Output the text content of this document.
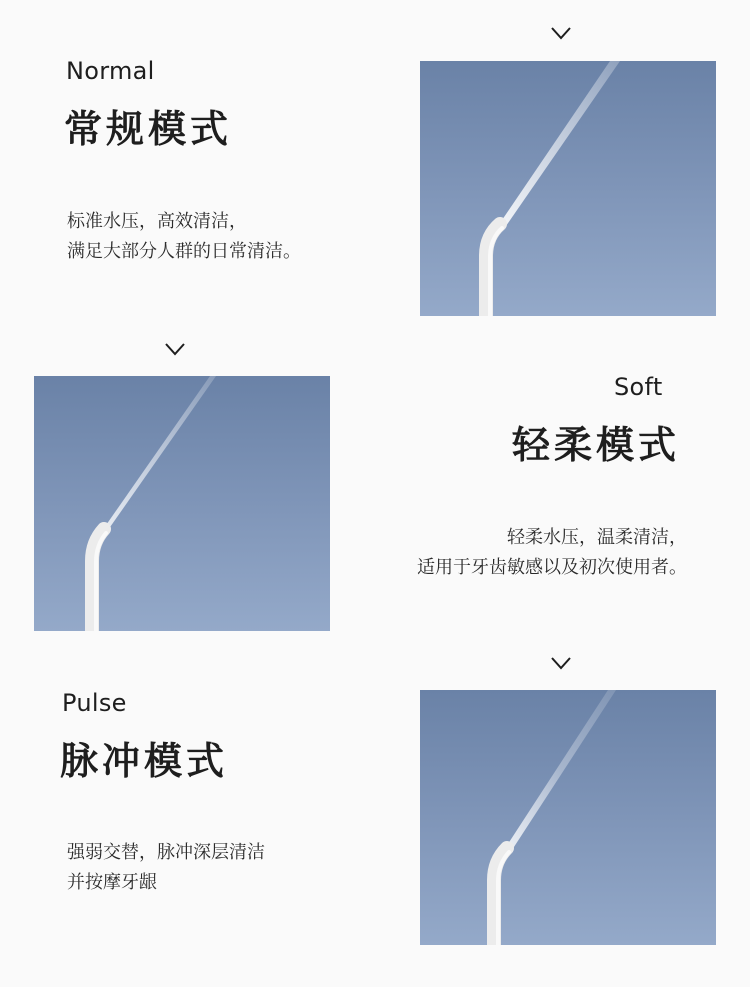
Normal
常规模式
标准水压，高效清洁，
满足大部分人群的日常清洁。
Soft
轻柔模式
轻柔水压，温柔清洁，
适用于牙齿敏感以及初次使用者。
Pulse
脉冲模式
强弱交替，脉冲深层清洁
并按摩牙龈
